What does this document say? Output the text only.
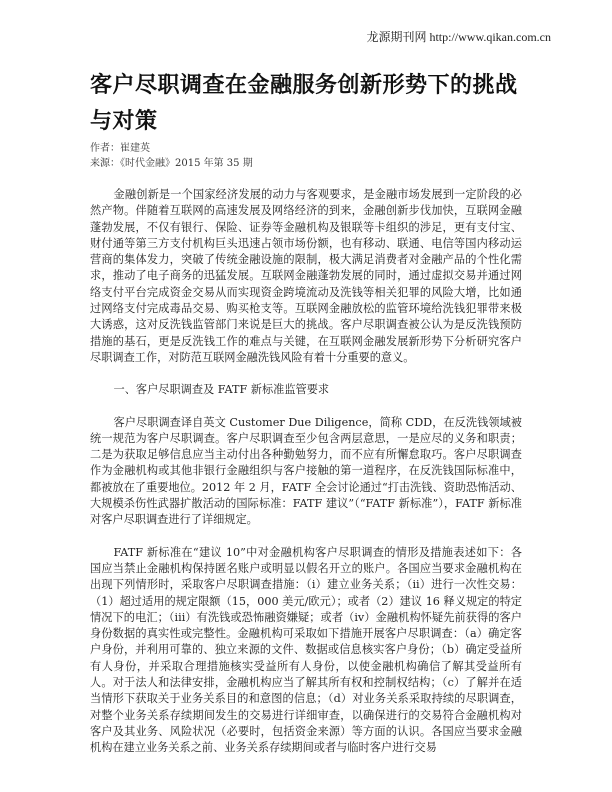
龙源期刊网 http://www.qikan.com.cn
客户尽职调查在金融服务创新形势下的挑战与对策
作者：崔建英
来源：《时代金融》2015 年第 35 期

金融创新是一个国家经济发展的动力与客观要求，是金融市场发展到一定阶段的必然产物。伴随着互联网的高速发展及网络经济的到来，金融创新步伐加快，互联网金融蓬勃发展，不仅有银行、保险、证券等金融机构及银联等卡组织的涉足，更有支付宝、财付通等第三方支付机构巨头迅速占领市场份额，也有移动、联通、电信等国内移动运营商的集体发力，突破了传统金融设施的限制，极大满足消费者对金融产品的个性化需求，推动了电子商务的迅猛发展。互联网金融蓬勃发展的同时，通过虚拟交易并通过网络支付平台完成资金交易从而实现资金跨境流动及洗钱等相关犯罪的风险大增，比如通过网络支付完成毒品交易、购买枪支等。互联网金融放松的监管环境给洗钱犯罪带来极大诱惑，这对反洗钱监管部门来说是巨大的挑战。客户尽职调查被公认为是反洗钱预防措施的基石，更是反洗钱工作的难点与关键，在互联网金融发展新形势下分析研究客户尽职调查工作，对防范互联网金融洗钱风险有着十分重要的意义。

一、客户尽职调查及 FATF 新标准监管要求

客户尽职调查译自英文 Customer Due Diligence，简称 CDD，在反洗钱领域被统一规范为客户尽职调查。客户尽职调查至少包含两层意思，一是应尽的义务和职责；二是为获取足够信息应当主动付出各种勤勉努力，而不应有所懈怠取巧。客户尽职调查作为金融机构或其他非银行金融组织与客户接触的第一道程序，在反洗钱国际标准中，都被放在了重要地位。2012 年 2 月，FATF 全会讨论通过“打击洗钱、资助恐怖活动、大规模杀伤性武器扩散活动的国际标准：FATF 建议”（“FATF 新标准”），FATF 新标准对客户尽职调查进行了详细规定。

FATF 新标准在“建议 10”中对金融机构客户尽职调查的情形及措施表述如下：各国应当禁止金融机构保持匿名账户或明显以假名开立的账户。各国应当要求金融机构在出现下列情形时，采取客户尽职调查措施：（i）建立业务关系；（ii）进行一次性交易：（1）超过适用的规定限额（15，000 美元/欧元）；或者（2）建议 16 释义规定的特定情况下的电汇；（iii）有洗钱或恐怖融资嫌疑；或者（iv）金融机构怀疑先前获得的客户身份数据的真实性或完整性。金融机构可采取如下措施开展客户尽职调查：（a）确定客户身份，并利用可靠的、独立来源的文件、数据或信息核实客户身份；（b）确定受益所有人身份，并采取合理措施核实受益所有人身份，以使金融机构确信了解其受益所有人。对于法人和法律安排，金融机构应当了解其所有权和控制权结构；（c）了解并在适当情形下获取关于业务关系目的和意图的信息；（d）对业务关系采取持续的尽职调查，对整个业务关系存续期间发生的交易进行详细审查，以确保进行的交易符合金融机构对客户及其业务、风险状况（必要时，包括资金来源）等方面的认识。各国应当要求金融机构在建立业务关系之前、业务关系存续期间或者与临时客户进行交易
